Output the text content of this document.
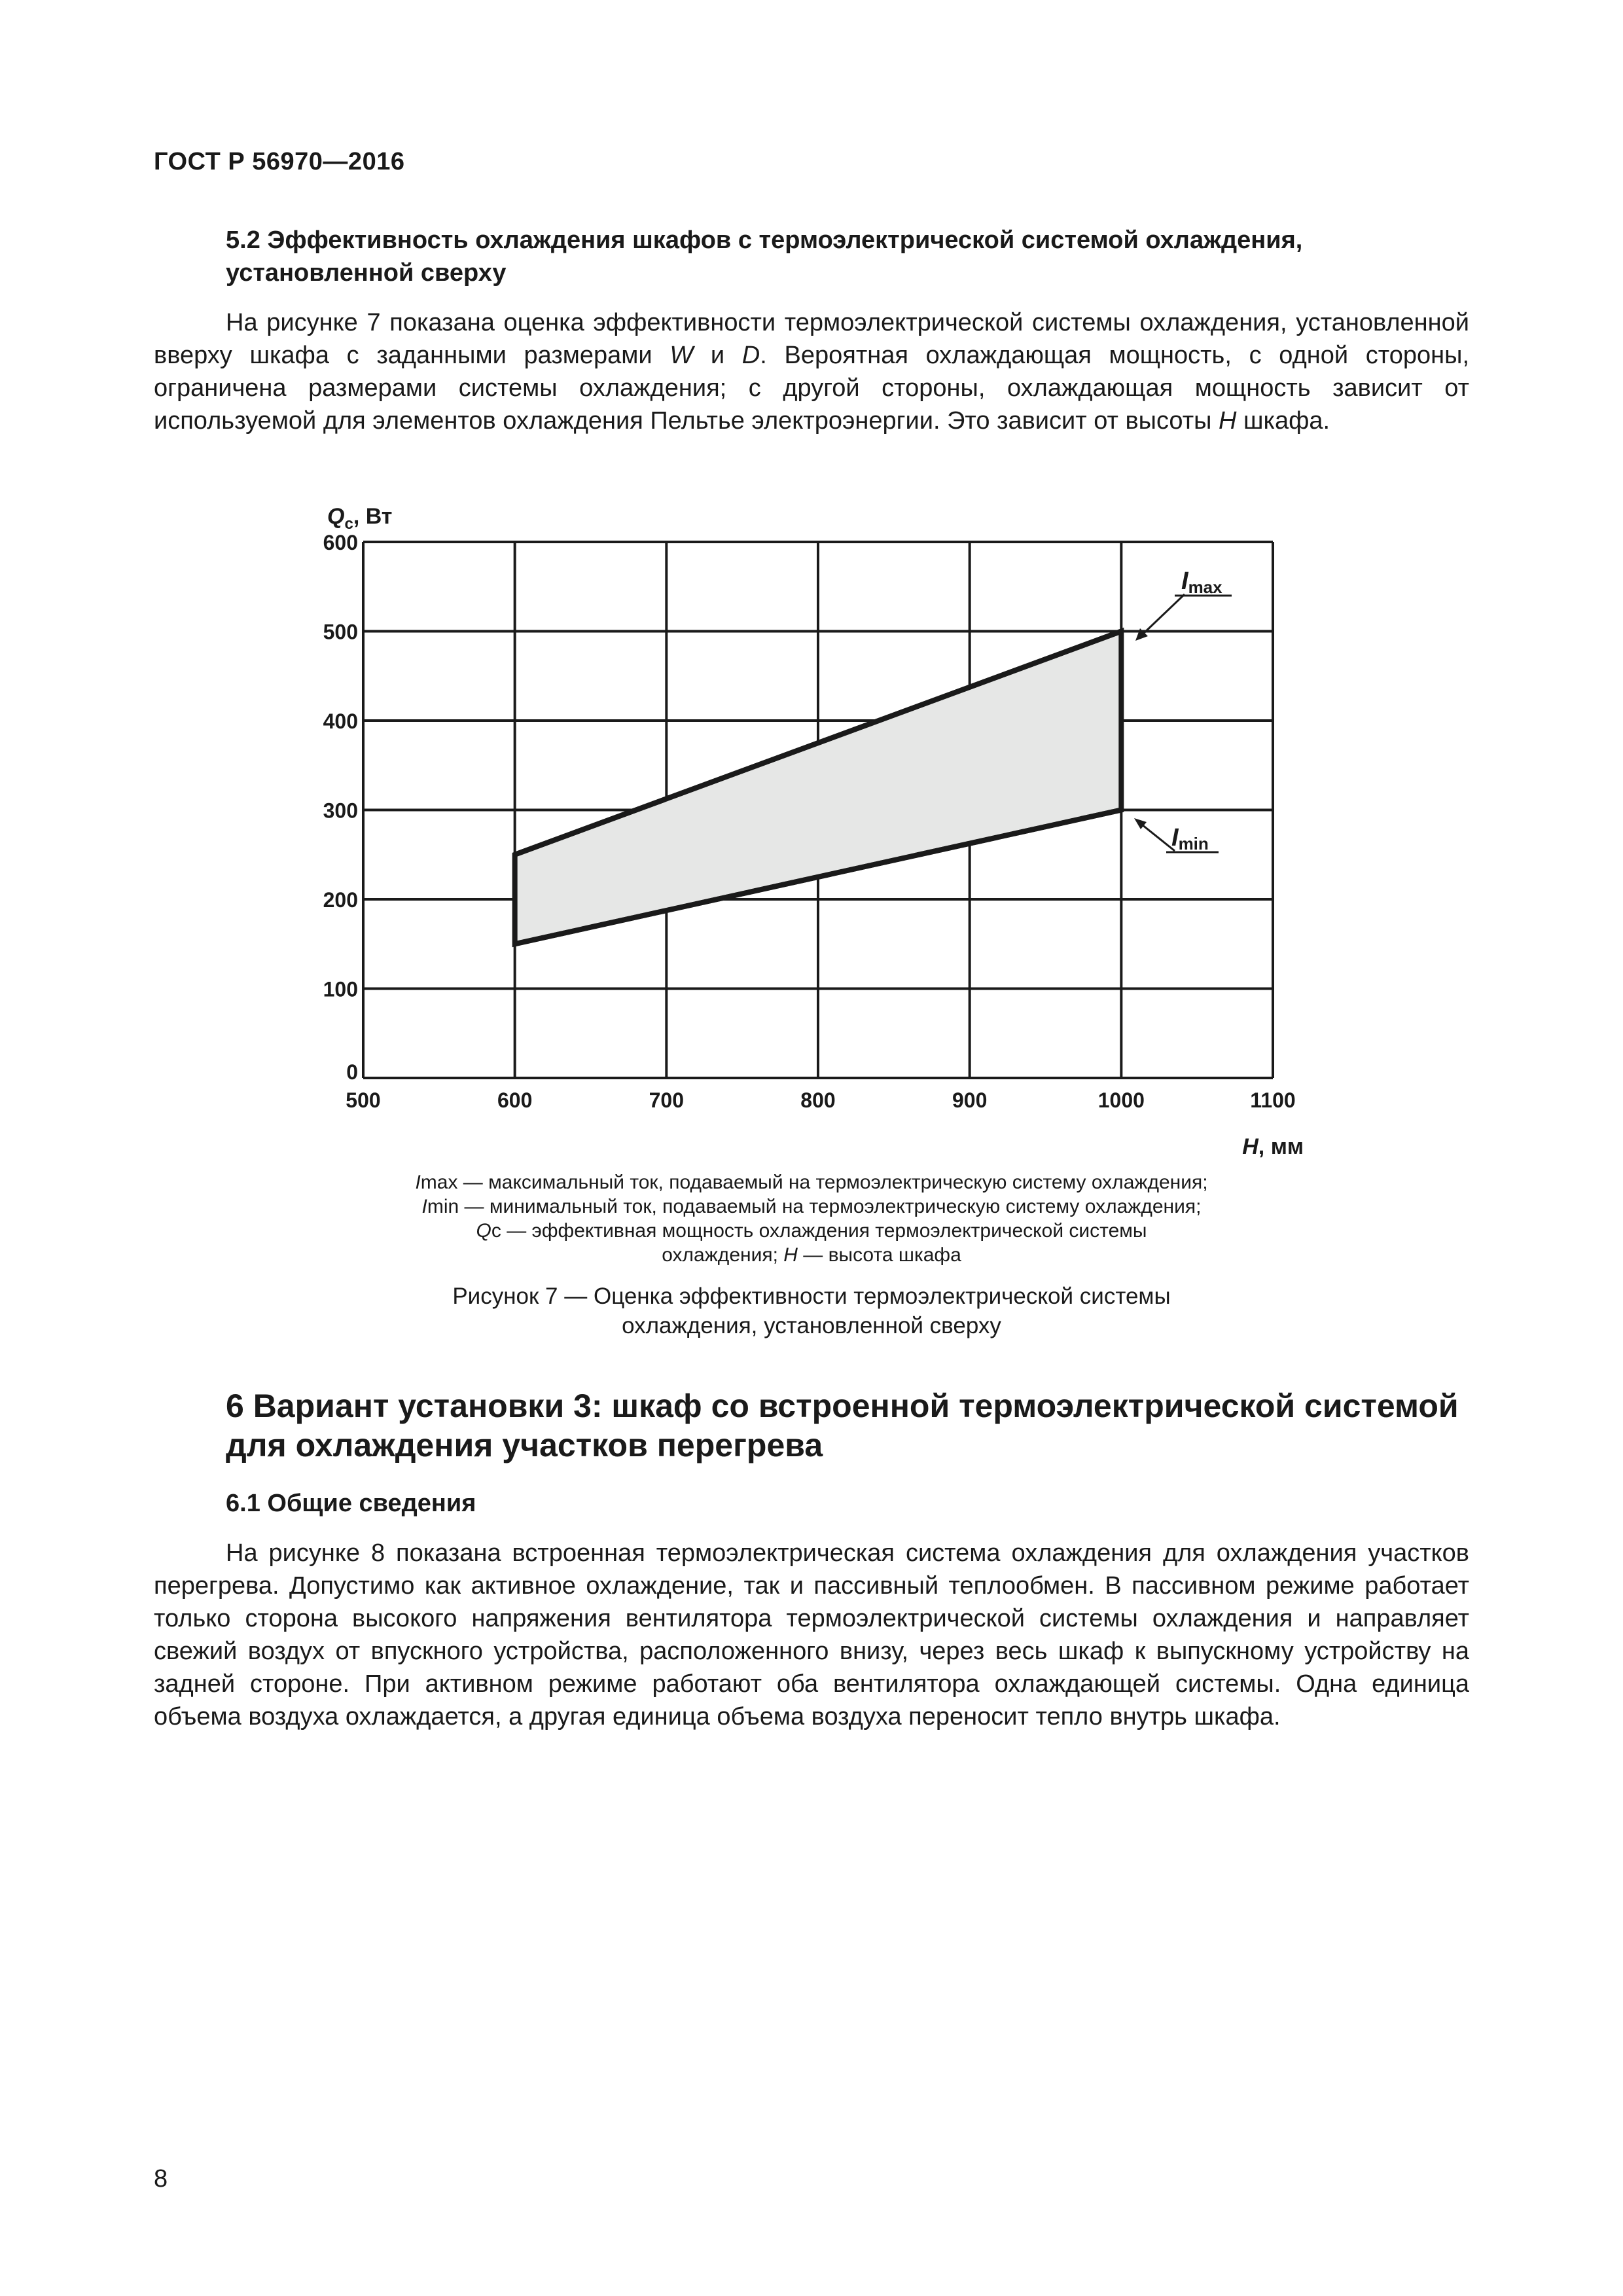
ГОСТ Р 56970—2016
5.2 Эффективность охлаждения шкафов с термоэлектрической системой охлаждения,
установленной сверху

На рисунке 7 показана оценка эффективности термоэлектрической системы охлаждения, установленной вверху шкафа с заданными размерами W и D. Вероятная охлаждающая мощность, с одной стороны, ограничена размерами системы охлаждения; с другой стороны, охлаждающая мощность зависит от используемой для элементов охлаждения Пельтье электроэнергии. Это зависит от высоты H шкафа.

500	600	700	800	900	1000	1100
0
100
200
300
400
500
600
$Q_c$, Вт
H, мм
Imax
Imin
Imax — максимальный ток, подаваемый на термоэлектрическую систему охлаждения;
Imin — минимальный ток, подаваемый на термоэлектрическую систему охлаждения;
Qc — эффективная мощность охлаждения термоэлектрической системы
охлаждения; H — высота шкафа
Рисунок 7 — Оценка эффективности термоэлектрической системы
охлаждения, установленной сверху
6 Вариант установки 3: шкаф со встроенной термоэлектрической системой
для охлаждения участков перегрева
6.1 Общие сведения

На рисунке 8 показана встроенная термоэлектрическая система охлаждения для охлаждения участков перегрева. Допустимо как активное охлаждение, так и пассивный теплообмен. В пассивном режиме работает только сторона высокого напряжения вентилятора термоэлектрической системы охлаждения и направляет свежий воздух от впускного устройства, расположенного внизу, через весь шкаф к выпускному устройству на задней стороне. При активном режиме работают оба вентилятора охлаждающей системы. Одна единица объема воздуха охлаждается, а другая единица объема воздуха переносит тепло внутрь шкафа.

8
